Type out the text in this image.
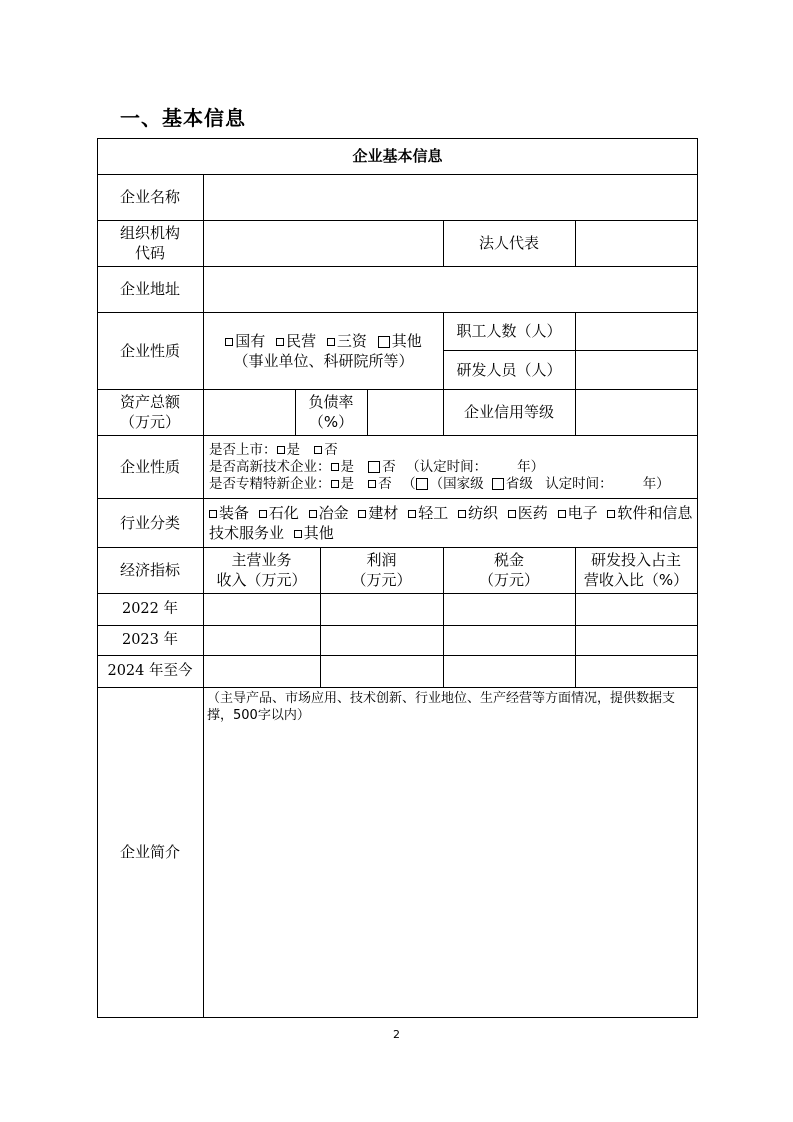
一、基本信息
企业基本信息
企业名称
组织机构
代码
法人代表
企业地址
企业性质
国有 民营 三资 其他
（事业单位、科研院所等）
职工人数（人）
研发人员（人）
资产总额
（万元）
负债率
（%）
企业信用等级
企业性质
是否上市： 是 否
是否高新技术企业： 是 否 （认定时间： 年）
是否专精特新企业： 是 否 （ （国家级 省级 认定时间： 年）
行业分类
装备 石化 冶金 建材 轻工 纺织 医药 电子 软件和信息技术服务业 其他
经济指标
主营业务
收入（万元）
利润
（万元）
税金
（万元）
研发投入占主
营收入比（%）
2022 年
2023 年
2024 年至今
企业简介
（主导产品、市场应用、技术创新、行业地位、生产经营等方面情况，提供数据支撑，500字以内）
2
